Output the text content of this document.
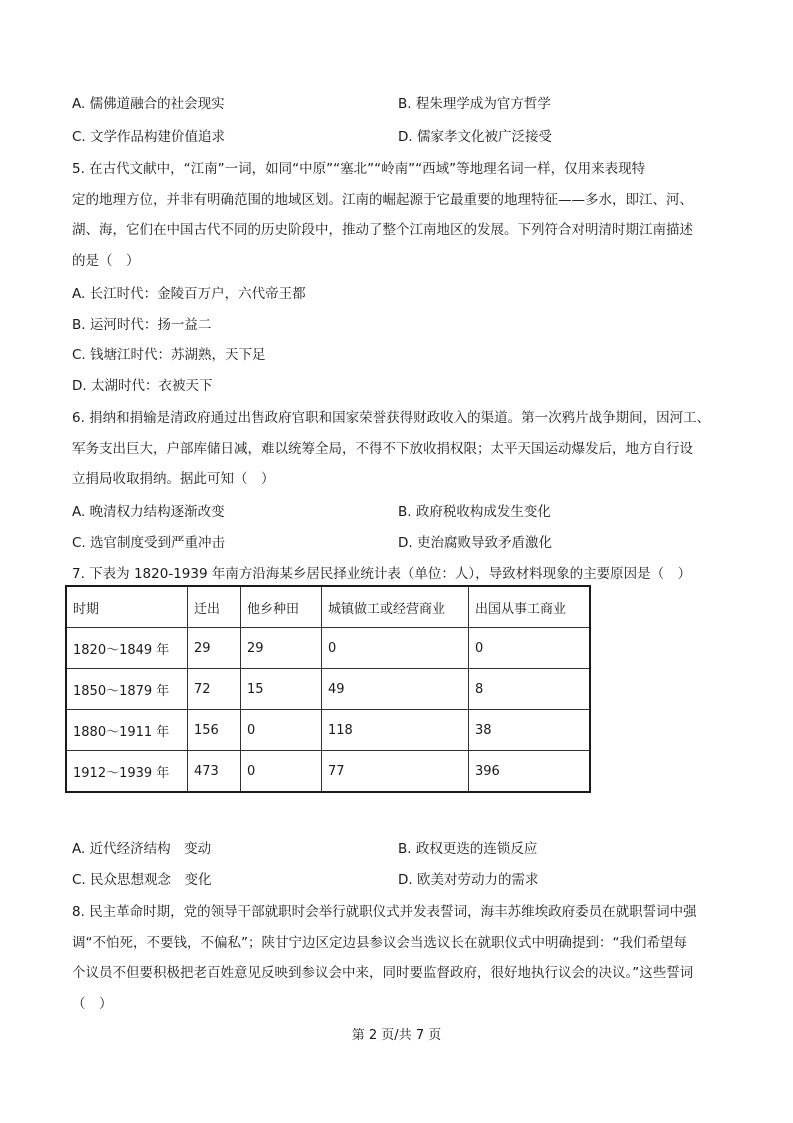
A. 儒佛道融合的社会现实	B. 程朱理学成为官方哲学
C. 文学作品构建价值追求	D. 儒家孝文化被广泛接受
5. 在古代文献中，“江南”一词，如同“中原”“塞北”“岭南”“西域”等地理名词一样，仅用来表现特
定的地理方位，并非有明确范围的地域区划。江南的崛起源于它最重要的地理特征——多水，即江、河、
湖、海，它们在中国古代不同的历史阶段中，推动了整个江南地区的发展。下列符合对明清时期江南描述
的是（　）
A. 长江时代：金陵百万户，六代帝王都
B. 运河时代：扬一益二
C. 钱塘江时代：苏湖熟，天下足
D. 太湖时代：衣被天下
6. 捐纳和捐输是清政府通过出售政府官职和国家荣誉获得财政收入的渠道。第一次鸦片战争期间，因河工、
军务支出巨大，户部库储日减，难以统筹全局，不得不下放收捐权限；太平天国运动爆发后，地方自行设
立捐局收取捐纳。据此可知（　）
A. 晚清权力结构逐渐改变	B. 政府税收构成发生变化
C. 选官制度受到严重冲击	D. 吏治腐败导致矛盾激化
7. 下表为 1820-1939 年南方沿海某乡居民择业统计表（单位：人），导致材料现象的主要原因是（　）
时期	迁出	他乡种田	城镇做工或经营商业	出国从事工商业
1820～1849 年	29	29	0	0
1850～1879 年	72	15	49	8
1880～1911 年	156	0	118	38
1912～1939 年	473	0	77	396
A. 近代经济结构　变动	B. 政权更迭的连锁反应
C. 民众思想观念　变化	D. 欧美对劳动力的需求
8. 民主革命时期，党的领导干部就职时会举行就职仪式并发表誓词，海丰苏维埃政府委员在就职誓词中强
调“不怕死，不要钱，不偏私”；陕甘宁边区定边县参议会当选议长在就职仪式中明确提到：“我们希望每
个议员不但要积极把老百姓意见反映到参议会中来，同时要监督政府，很好地执行议会的决议。”这些誓词
（　）
第 2 页/共 7 页
